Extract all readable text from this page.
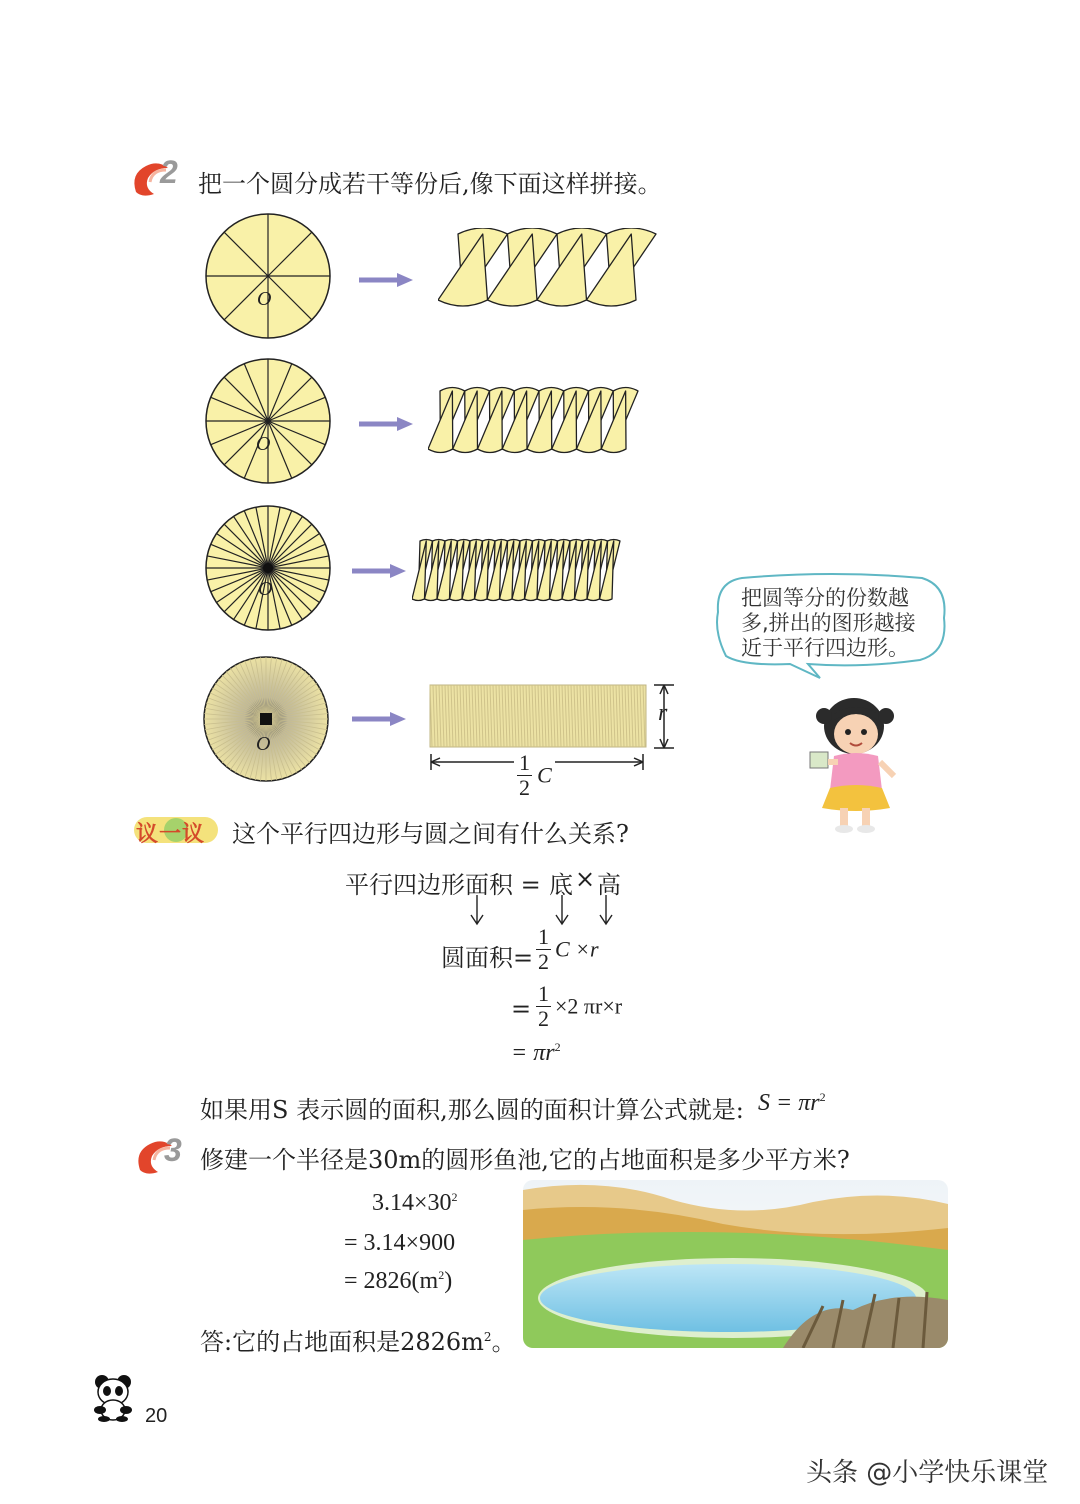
2 把一个圆分成若干等份后,像下面这样拼接。
O
O
O
O
r
$\frac{1}{2}$ C
把圆等分的份数越
多,拼出的图形越接
近于平行四边形。
议一议 这个平行四边形与圆之间有什么关系?
平行四边形面积 = 底 × 高
圆面积= $\frac{1}{2}$ C ×r
= $\frac{1}{2} \times 2$ πr×r
= $\pi r^2$
如果用S 表示圆的面积,那么圆的面积计算公式就是: $S = \pi r^2$
3 修建一个半径是30m的圆形鱼池,它的占地面积是多少平方米?
$3.14\times 30^2$
= 3.14×900
= $2826(m^2)$
答:它的占地面积是$2826m^2$。
20
头条 @小学快乐课堂
